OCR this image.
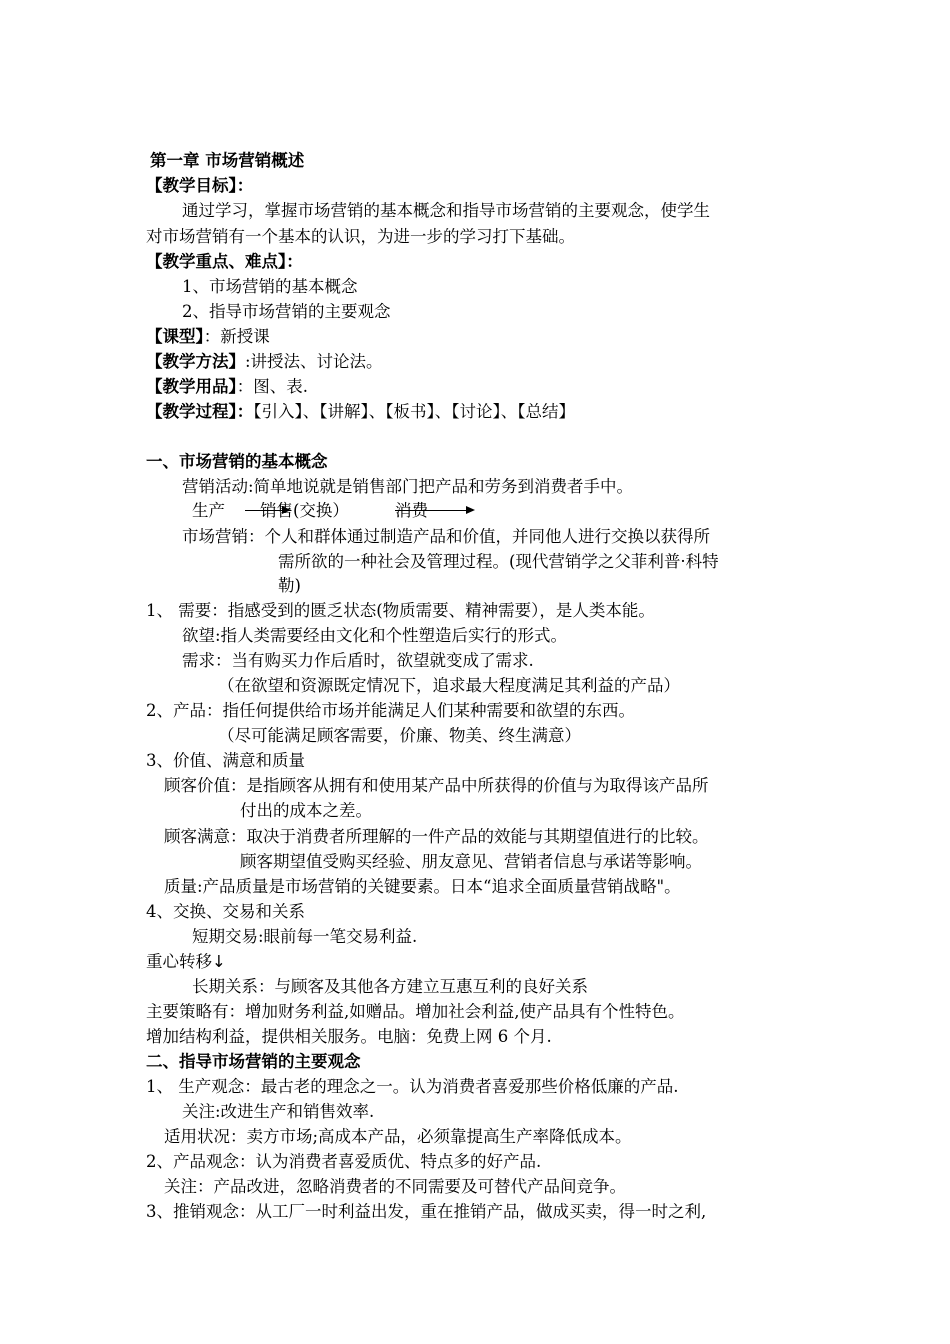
第一章 市场营销概述
【教学目标】：
通过学习，掌握市场营销的基本概念和指导市场营销的主要观念，使学生
对市场营销有一个基本的认识，为进一步的学习打下基础。
【教学重点、难点】：
1、市场营销的基本概念
2、指导市场营销的主要观念
【课型】：新授课
【教学方法】:讲授法、讨论法。
【教学用品】：图、表.
【教学过程】：【引入】、【讲解】、【板书】、【讨论】、【总结】
一、市场营销的基本概念
营销活动:简单地说就是销售部门把产品和劳务到消费者手中。
生产 销售(交换）	消费
市场营销：个人和群体通过制造产品和价值，并同他人进行交换以获得所
需所欲的一种社会及管理过程。(现代营销学之父菲利普·科特
勒)
1、 需要：指感受到的匮乏状态(物质需要、精神需要），是人类本能。
欲望:指人类需要经由文化和个性塑造后实行的形式。
需求：当有购买力作后盾时，欲望就变成了需求.
（在欲望和资源既定情况下，追求最大程度满足其利益的产品）
2、产品：指任何提供给市场并能满足人们某种需要和欲望的东西。
（尽可能满足顾客需要，价廉、物美、终生满意）
3、价值、满意和质量
顾客价值：是指顾客从拥有和使用某产品中所获得的价值与为取得该产品所
付出的成本之差。
顾客满意：取决于消费者所理解的一件产品的效能与其期望值进行的比较。
顾客期望值受购买经验、朋友意见、营销者信息与承诺等影响。
质量:产品质量是市场营销的关键要素。日本“追求全面质量营销战略"。
4、交换、交易和关系
短期交易:眼前每一笔交易利益.
重心转移↓
长期关系：与顾客及其他各方建立互惠互利的良好关系
主要策略有：增加财务利益,如赠品。增加社会利益,使产品具有个性特色。
增加结构利益，提供相关服务。电脑：免费上网 6 个月.
二、指导市场营销的主要观念
1、 生产观念：最古老的理念之一。认为消费者喜爱那些价格低廉的产品.
关注:改进生产和销售效率.
适用状况：卖方市场;高成本产品，必须靠提高生产率降低成本。
2、产品观念：认为消费者喜爱质优、特点多的好产品.
关注：产品改进，忽略消费者的不同需要及可替代产品间竞争。
3、推销观念：从工厂一时利益出发，重在推销产品，做成买卖，得一时之利,
